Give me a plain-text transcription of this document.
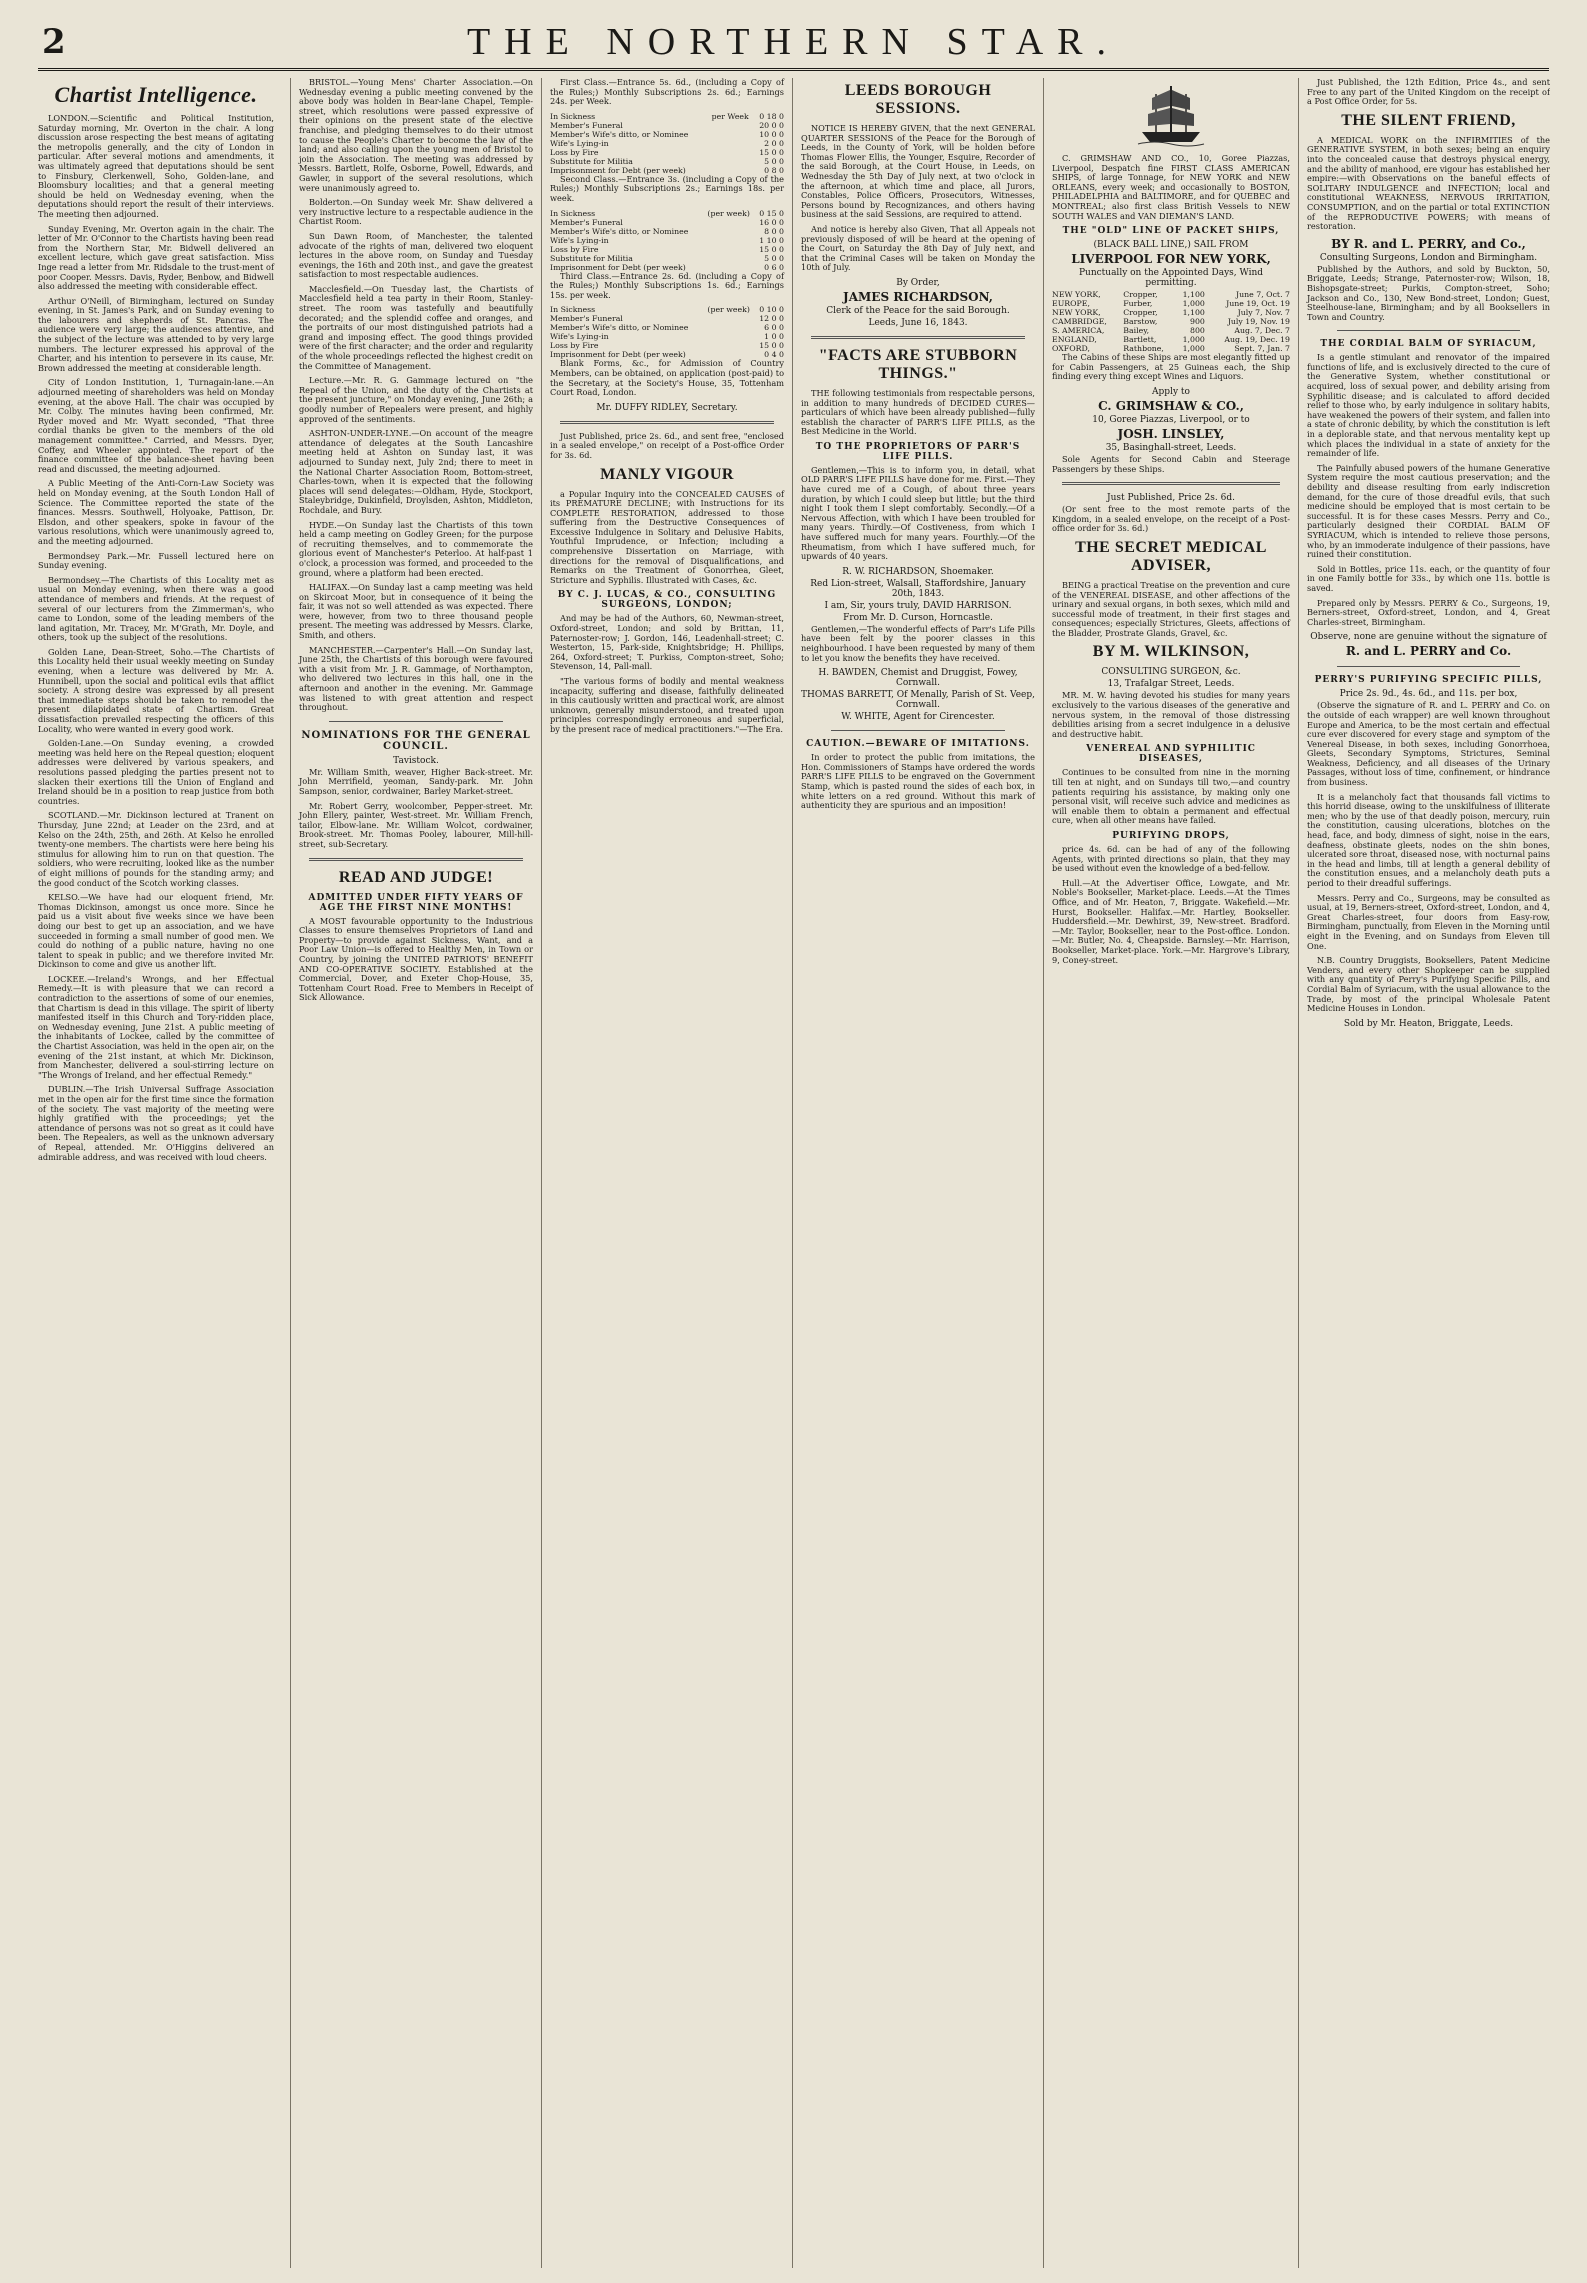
2	THE NORTHERN STAR.
Chartist Intelligence.

LONDON.—Scientific and Political Institution, Saturday morning, Mr. Overton in the chair. A long discussion arose respecting the best means of agitating the metropolis generally, and the city of London in particular. After several motions and amendments, it was ultimately agreed that deputations should be sent to Finsbury, Clerkenwell, Soho, Golden-lane, and Bloomsbury localities; and that a general meeting should be held on Wednesday evening, when the deputations should report the result of their interviews. The meeting then adjourned.

Sunday Evening, Mr. Overton again in the chair. The letter of Mr. O'Connor to the Chartists having been read from the Northern Star, Mr. Bidwell delivered an excellent lecture, which gave great satisfaction. Miss Inge read a letter from Mr. Ridsdale to the trust-ment of poor Cooper. Messrs. Davis, Ryder, Benbow, and Bidwell also addressed the meeting with considerable effect.

Arthur O'Neill, of Birmingham, lectured on Sunday evening, in St. James's Park, and on Sunday evening to the labourers and shepherds of St. Pancras. The audience were very large; the audiences attentive, and the subject of the lecture was attended to by very large numbers. The lecturer expressed his approval of the Charter, and his intention to persevere in its cause, Mr. Brown addressed the meeting at considerable length.

City of London Institution, 1, Turnagain-lane.—An adjourned meeting of shareholders was held on Monday evening, at the above Hall. The chair was occupied by Mr. Colby. The minutes having been confirmed, Mr. Ryder moved and Mr. Wyatt seconded, "That three cordial thanks be given to the members of the old management committee." Carried, and Messrs. Dyer, Coffey, and Wheeler appointed. The report of the finance committee of the balance-sheet having been read and discussed, the meeting adjourned.

A Public Meeting of the Anti-Corn-Law Society was held on Monday evening, at the South London Hall of Science. The Committee reported the state of the finances. Messrs. Southwell, Holyoake, Pattison, Dr. Elsdon, and other speakers, spoke in favour of the various resolutions, which were unanimously agreed to, and the meeting adjourned.

Bermondsey Park.—Mr. Fussell lectured here on Sunday evening.

Bermondsey.—The Chartists of this Locality met as usual on Monday evening, when there was a good attendance of members and friends. At the request of several of our lecturers from the Zimmerman's, who came to London, some of the leading members of the land agitation, Mr. Tracey, Mr. M'Grath, Mr. Doyle, and others, took up the subject of the resolutions.

Golden Lane, Dean-Street, Soho.—The Chartists of this Locality held their usual weekly meeting on Sunday evening, when a lecture was delivered by Mr. A. Hunnibell, upon the social and political evils that afflict society. A strong desire was expressed by all present that immediate steps should be taken to remodel the present dilapidated state of Chartism. Great dissatisfaction prevailed respecting the officers of this Locality, who were wanted in every good work.

Golden-Lane.—On Sunday evening, a crowded meeting was held here on the Repeal question; eloquent addresses were delivered by various speakers, and resolutions passed pledging the parties present not to slacken their exertions till the Union of England and Ireland should be in a position to reap justice from both countries.

SCOTLAND.—Mr. Dickinson lectured at Tranent on Thursday, June 22nd; at Leader on the 23rd, and at Kelso on the 24th, 25th, and 26th. At Kelso he enrolled twenty-one members. The chartists were here being his stimulus for allowing him to run on that question. The soldiers, who were recruiting, looked like as the number of eight millions of pounds for the standing army; and the good conduct of the Scotch working classes.

KELSO.—We have had our eloquent friend, Mr. Thomas Dickinson, amongst us once more. Since he paid us a visit about five weeks since we have been doing our best to get up an association, and we have succeeded in forming a small number of good men. We could do nothing of a public nature, having no one talent to speak in public; and we therefore invited Mr. Dickinson to come and give us another lift.

LOCKEE.—Ireland's Wrongs, and her Effectual Remedy.—It is with pleasure that we can record a contradiction to the assertions of some of our enemies, that Chartism is dead in this village. The spirit of liberty manifested itself in this Church and Tory-ridden place, on Wednesday evening, June 21st. A public meeting of the inhabitants of Lockee, called by the committee of the Chartist Association, was held in the open air, on the evening of the 21st instant, at which Mr. Dickinson, from Manchester, delivered a soul-stirring lecture on "The Wrongs of Ireland, and her effectual Remedy."

DUBLIN.—The Irish Universal Suffrage Association met in the open air for the first time since the formation of the society. The vast majority of the meeting were highly gratified with the proceedings; yet the attendance of persons was not so great as it could have been. The Repealers, as well as the unknown adversary of Repeal, attended. Mr. O'Higgins delivered an admirable address, and was received with loud cheers.

BRISTOL.—Young Mens' Charter Association.—On Wednesday evening a public meeting convened by the above body was holden in Bear-lane Chapel, Temple-street, which resolutions were passed expressive of their opinions on the present state of the elective franchise, and pledging themselves to do their utmost to cause the People's Charter to become the law of the land; and also calling upon the young men of Bristol to join the Association. The meeting was addressed by Messrs. Bartlett, Rolfe, Osborne, Powell, Edwards, and Gawler, in support of the several resolutions, which were unanimously agreed to.

Bolderton.—On Sunday week Mr. Shaw delivered a very instructive lecture to a respectable audience in the Chartist Room.

Sun Dawn Room, of Manchester, the talented advocate of the rights of man, delivered two eloquent lectures in the above room, on Sunday and Tuesday evenings, the 16th and 20th inst., and gave the greatest satisfaction to most respectable audiences.

Macclesfield.—On Tuesday last, the Chartists of Macclesfield held a tea party in their Room, Stanley-street. The room was tastefully and beautifully decorated; and the splendid coffee and oranges, and the portraits of our most distinguished patriots had a grand and imposing effect. The good things provided were of the first character; and the order and regularity of the whole proceedings reflected the highest credit on the Committee of Management.

Lecture.—Mr. R. G. Gammage lectured on "the Repeal of the Union, and the duty of the Chartists at the present juncture," on Monday evening, June 26th; a goodly number of Repealers were present, and highly approved of the sentiments.

ASHTON-UNDER-LYNE.—On account of the meagre attendance of delegates at the South Lancashire meeting held at Ashton on Sunday last, it was adjourned to Sunday next, July 2nd; there to meet in the National Charter Association Room, Bottom-street, Charles-town, when it is expected that the following places will send delegates:—Oldham, Hyde, Stockport, Staleybridge, Dukinfield, Droylsden, Ashton, Middleton, Rochdale, and Bury.

HYDE.—On Sunday last the Chartists of this town held a camp meeting on Godley Green; for the purpose of recruiting themselves, and to commemorate the glorious event of Manchester's Peterloo. At half-past 1 o'clock, a procession was formed, and proceeded to the ground, where a platform had been erected.

HALIFAX.—On Sunday last a camp meeting was held on Skircoat Moor, but in consequence of it being the fair, it was not so well attended as was expected. There were, however, from two to three thousand people present. The meeting was addressed by Messrs. Clarke, Smith, and others.

MANCHESTER.—Carpenter's Hall.—On Sunday last, June 25th, the Chartists of this borough were favoured with a visit from Mr. J. R. Gammage, of Northampton, who delivered two lectures in this hall, one in the afternoon and another in the evening. Mr. Gammage was listened to with great attention and respect throughout.

NOMINATIONS FOR THE GENERAL COUNCIL.
Tavistock.

Mr. William Smith, weaver, Higher Back-street. Mr. John Merrifield, yeoman, Sandy-park. Mr. John Sampson, senior, cordwainer, Barley Market-street.

Mr. Robert Gerry, woolcomber, Pepper-street. Mr. John Ellery, painter, West-street. Mr. William French, tailor, Elbow-lane. Mr. William Wolcot, cordwainer, Brook-street. Mr. Thomas Pooley, labourer, Mill-hill-street, sub-Secretary.

READ AND JUDGE!
ADMITTED UNDER FIFTY YEARS OF AGE THE FIRST NINE MONTHS!

A MOST favourable opportunity to the Industrious Classes to ensure themselves Proprietors of Land and Property—to provide against Sickness, Want, and a Poor Law Union—is offered to Healthy Men, in Town or Country, by joining the UNITED PATRIOTS' BENEFIT AND CO-OPERATIVE SOCIETY. Established at the Commercial, Dover, and Exeter Chop-House, 35, Tottenham Court Road. Free to Members in Receipt of Sick Allowance.

First Class.—Entrance 5s. 6d., (including a Copy of the Rules;) Monthly Subscriptions 2s. 6d.; Earnings 24s. per Week.

In Sickness	per Week	0 18 0
Member's Funeral		20 0 0
Member's Wife's ditto, or Nominee		10 0 0
Wife's Lying-in		2 0 0
Loss by Fire		15 0 0
Substitute for Militia		5 0 0
Imprisonment for Debt (per week)		0 8 0

Second Class.—Entrance 3s. (including a Copy of the Rules;) Monthly Subscriptions 2s.; Earnings 18s. per week.

In Sickness	(per week)	0 15 0
Member's Funeral		16 0 0
Member's Wife's ditto, or Nominee		8 0 0
Wife's Lying-in		1 10 0
Loss by Fire		15 0 0
Substitute for Militia		5 0 0
Imprisonment for Debt (per week)		0 6 0

Third Class.—Entrance 2s. 6d. (including a Copy of the Rules;) Monthly Subscriptions 1s. 6d.; Earnings 15s. per week.

In Sickness	(per week)	0 10 0
Member's Funeral		12 0 0
Member's Wife's ditto, or Nominee		6 0 0
Wife's Lying-in		1 0 0
Loss by Fire		15 0 0
Imprisonment for Debt (per week)		0 4 0

Blank Forms, &c., for Admission of Country Members, can be obtained, on application (post-paid) to the Secretary, at the Society's House, 35, Tottenham Court Road, London.

Mr. DUFFY RIDLEY, Secretary.

Just Published, price 2s. 6d., and sent free, "enclosed in a sealed envelope," on receipt of a Post-office Order for 3s. 6d.

MANLY VIGOUR

a Popular Inquiry into the CONCEALED CAUSES of its PREMATURE DECLINE; with Instructions for its COMPLETE RESTORATION, addressed to those suffering from the Destructive Consequences of Excessive Indulgence in Solitary and Delusive Habits, Youthful Imprudence, or Infection; including a comprehensive Dissertation on Marriage, with directions for the removal of Disqualifications, and Remarks on the Treatment of Gonorrhea, Gleet, Stricture and Syphilis. Illustrated with Cases, &c.

BY C. J. LUCAS, & CO., CONSULTING SURGEONS, LONDON;

And may be had of the Authors, 60, Newman-street, Oxford-street, London; and sold by Brittan, 11, Paternoster-row; J. Gordon, 146, Leadenhall-street; C. Westerton, 15, Park-side, Knightsbridge; H. Phillips, 264, Oxford-street; T. Purkiss, Compton-street, Soho; Stevenson, 14, Pall-mall.

"The various forms of bodily and mental weakness incapacity, suffering and disease, faithfully delineated in this cautiously written and practical work, are almost unknown, generally misunderstood, and treated upon principles correspondingly erroneous and superficial, by the present race of medical practitioners."—The Era.

LEEDS BOROUGH SESSIONS.

NOTICE IS HEREBY GIVEN, that the next GENERAL QUARTER SESSIONS of the Peace for the Borough of Leeds, in the County of York, will be holden before Thomas Flower Ellis, the Younger, Esquire, Recorder of the said Borough, at the Court House, in Leeds, on Wednesday the 5th Day of July next, at two o'clock in the afternoon, at which time and place, all Jurors, Constables, Police Officers, Prosecutors, Witnesses, Persons bound by Recognizances, and others having business at the said Sessions, are required to attend.

And notice is hereby also Given, That all Appeals not previously disposed of will be heard at the opening of the Court, on Saturday the 8th Day of July next, and that the Criminal Cases will be taken on Monday the 10th of July.

By Order,
JAMES RICHARDSON,
Clerk of the Peace for the said Borough.
Leeds, June 16, 1843.
"FACTS ARE STUBBORN THINGS."

THE following testimonials from respectable persons, in addition to many hundreds of DECIDED CURES—particulars of which have been already published—fully establish the character of PARR'S LIFE PILLS, as the Best Medicine in the World.

TO THE PROPRIETORS OF PARR'S LIFE PILLS.

Gentlemen,—This is to inform you, in detail, what OLD PARR'S LIFE PILLS have done for me. First.—They have cured me of a Cough, of about three years duration, by which I could sleep but little; but the third night I took them I slept comfortably. Secondly.—Of a Nervous Affection, with which I have been troubled for many years. Thirdly.—Of Costiveness, from which I have suffered much for many years. Fourthly.—Of the Rheumatism, from which I have suffered much, for upwards of 40 years.

R. W. RICHARDSON, Shoemaker.
Red Lion-street, Walsall, Staffordshire, January 20th, 1843.
I am, Sir, yours truly, DAVID HARRISON.
From Mr. D. Curson, Horncastle.

Gentlemen,—The wonderful effects of Parr's Life Pills have been felt by the poorer classes in this neighbourhood. I have been requested by many of them to let you know the benefits they have received.

H. BAWDEN, Chemist and Druggist, Fowey, Cornwall.
THOMAS BARRETT, Of Menally, Parish of St. Veep, Cornwall.
W. WHITE, Agent for Cirencester.
CAUTION.—BEWARE OF IMITATIONS.

In order to protect the public from imitations, the Hon. Commissioners of Stamps have ordered the words PARR'S LIFE PILLS to be engraved on the Government Stamp, which is pasted round the sides of each box, in white letters on a red ground. Without this mark of authenticity they are spurious and an imposition!

C. GRIMSHAW AND CO., 10, Goree Piazzas, Liverpool, Despatch fine FIRST CLASS AMERICAN SHIPS, of large Tonnage, for NEW YORK and NEW ORLEANS, every week; and occasionally to BOSTON, PHILADELPHIA and BALTIMORE, and for QUEBEC and MONTREAL; also first class British Vessels to NEW SOUTH WALES and VAN DIEMAN'S LAND.

THE "OLD" LINE OF PACKET SHIPS,
(BLACK BALL LINE,) SAIL FROM
LIVERPOOL FOR NEW YORK,
Punctually on the Appointed Days, Wind permitting.
NEW YORK,	Cropper,	1,100	June 7, Oct. 7
EUROPE,	Furber,	1,000	June 19, Oct. 19
NEW YORK,	Cropper,	1,100	July 7, Nov. 7
CAMBRIDGE,	Barstow,	900	July 19, Nov. 19
S. AMERICA,	Bailey,	800	Aug. 7, Dec. 7
ENGLAND,	Bartlett,	1,000	Aug. 19, Dec. 19
OXFORD,	Rathbone,	1,000	Sept. 7, Jan. 7

The Cabins of these Ships are most elegantly fitted up for Cabin Passengers, at 25 Guineas each, the Ship finding every thing except Wines and Liquors.

Apply to
C. GRIMSHAW & CO.,
10, Goree Piazzas, Liverpool, or to
JOSH. LINSLEY,
35, Basinghall-street, Leeds.

Sole Agents for Second Cabin and Steerage Passengers by these Ships.

Just Published, Price 2s. 6d.

(Or sent free to the most remote parts of the Kingdom, in a sealed envelope, on the receipt of a Post-office order for 3s. 6d.)

THE SECRET MEDICAL ADVISER,

BEING a practical Treatise on the prevention and cure of the VENEREAL DISEASE, and other affections of the urinary and sexual organs, in both sexes, which mild and successful mode of treatment, in their first stages and consequences; especially Strictures, Gleets, affections of the Bladder, Prostrate Glands, Gravel, &c.

BY M. WILKINSON,
CONSULTING SURGEON, &c.
13, Trafalgar Street, Leeds.

MR. M. W. having devoted his studies for many years exclusively to the various diseases of the generative and nervous system, in the removal of those distressing debilities arising from a secret indulgence in a delusive and destructive habit.

VENEREAL AND SYPHILITIC DISEASES,

Continues to be consulted from nine in the morning till ten at night, and on Sundays till two,—and country patients requiring his assistance, by making only one personal visit, will receive such advice and medicines as will enable them to obtain a permanent and effectual cure, when all other means have failed.

PURIFYING DROPS,

price 4s. 6d. can be had of any of the following Agents, with printed directions so plain, that they may be used without even the knowledge of a bed-fellow.

Hull.—At the Advertiser Office, Lowgate, and Mr. Noble's Bookseller, Market-place. Leeds.—At the Times Office, and of Mr. Heaton, 7, Briggate. Wakefield.—Mr. Hurst, Bookseller. Halifax.—Mr. Hartley, Bookseller. Huddersfield.—Mr. Dewhirst, 39, New-street. Bradford.—Mr. Taylor, Bookseller, near to the Post-office. London.—Mr. Butler, No. 4, Cheapside. Barnsley.—Mr. Harrison, Bookseller, Market-place. York.—Mr. Hargrove's Library, 9, Coney-street.

Just Published, the 12th Edition, Price 4s., and sent Free to any part of the United Kingdom on the receipt of a Post Office Order, for 5s.

THE SILENT FRIEND,

A MEDICAL WORK on the INFIRMITIES of the GENERATIVE SYSTEM, in both sexes; being an enquiry into the concealed cause that destroys physical energy, and the ability of manhood, ere vigour has established her empire:—with Observations on the baneful effects of SOLITARY INDULGENCE and INFECTION; local and constitutional WEAKNESS, NERVOUS IRRITATION, CONSUMPTION, and on the partial or total EXTINCTION of the REPRODUCTIVE POWERS; with means of restoration.

BY R. and L. PERRY, and Co.,
Consulting Surgeons, London and Birmingham.

Published by the Authors, and sold by Buckton, 50, Briggate, Leeds; Strange, Paternoster-row; Wilson, 18, Bishopsgate-street; Purkis, Compton-street, Soho; Jackson and Co., 130, New Bond-street, London; Guest, Steelhouse-lane, Birmingham; and by all Booksellers in Town and Country.

THE CORDIAL BALM OF SYRIACUM,

Is a gentle stimulant and renovator of the impaired functions of life, and is exclusively directed to the cure of the Generative System, whether constitutional or acquired, loss of sexual power, and debility arising from Syphilitic disease; and is calculated to afford decided relief to those who, by early indulgence in solitary habits, have weakened the powers of their system, and fallen into a state of chronic debility, by which the constitution is left in a deplorable state, and that nervous mentality kept up which places the individual in a state of anxiety for the remainder of life.

The Painfully abused powers of the humane Generative System require the most cautious preservation; and the debility and disease resulting from early indiscretion demand, for the cure of those dreadful evils, that such medicine should be employed that is most certain to be successful. It is for these cases Messrs. Perry and Co., particularly designed their CORDIAL BALM OF SYRIACUM, which is intended to relieve those persons, who, by an immoderate indulgence of their passions, have ruined their constitution.

Sold in Bottles, price 11s. each, or the quantity of four in one Family bottle for 33s., by which one 11s. bottle is saved.

Prepared only by Messrs. PERRY & Co., Surgeons, 19, Berners-street, Oxford-street, London, and 4, Great Charles-street, Birmingham.

Observe, none are genuine without the signature of
R. and L. PERRY and Co.
PERRY'S PURIFYING SPECIFIC PILLS,
Price 2s. 9d., 4s. 6d., and 11s. per box,

(Observe the signature of R. and L. PERRY and Co. on the outside of each wrapper) are well known throughout Europe and America, to be the most certain and effectual cure ever discovered for every stage and symptom of the Venereal Disease, in both sexes, including Gonorrhoea, Gleets, Secondary Symptoms, Strictures, Seminal Weakness, Deficiency, and all diseases of the Urinary Passages, without loss of time, confinement, or hindrance from business.

It is a melancholy fact that thousands fall victims to this horrid disease, owing to the unskilfulness of illiterate men; who by the use of that deadly poison, mercury, ruin the constitution, causing ulcerations, blotches on the head, face, and body, dimness of sight, noise in the ears, deafness, obstinate gleets, nodes on the shin bones, ulcerated sore throat, diseased nose, with nocturnal pains in the head and limbs, till at length a general debility of the constitution ensues, and a melancholy death puts a period to their dreadful sufferings.

Messrs. Perry and Co., Surgeons, may be consulted as usual, at 19, Berners-street, Oxford-street, London, and 4, Great Charles-street, four doors from Easy-row, Birmingham, punctually, from Eleven in the Morning until eight in the Evening, and on Sundays from Eleven till One.

N.B. Country Druggists, Booksellers, Patent Medicine Venders, and every other Shopkeeper can be supplied with any quantity of Perry's Purifying Specific Pills, and Cordial Balm of Syriacum, with the usual allowance to the Trade, by most of the principal Wholesale Patent Medicine Houses in London.

Sold by Mr. Heaton, Briggate, Leeds.
